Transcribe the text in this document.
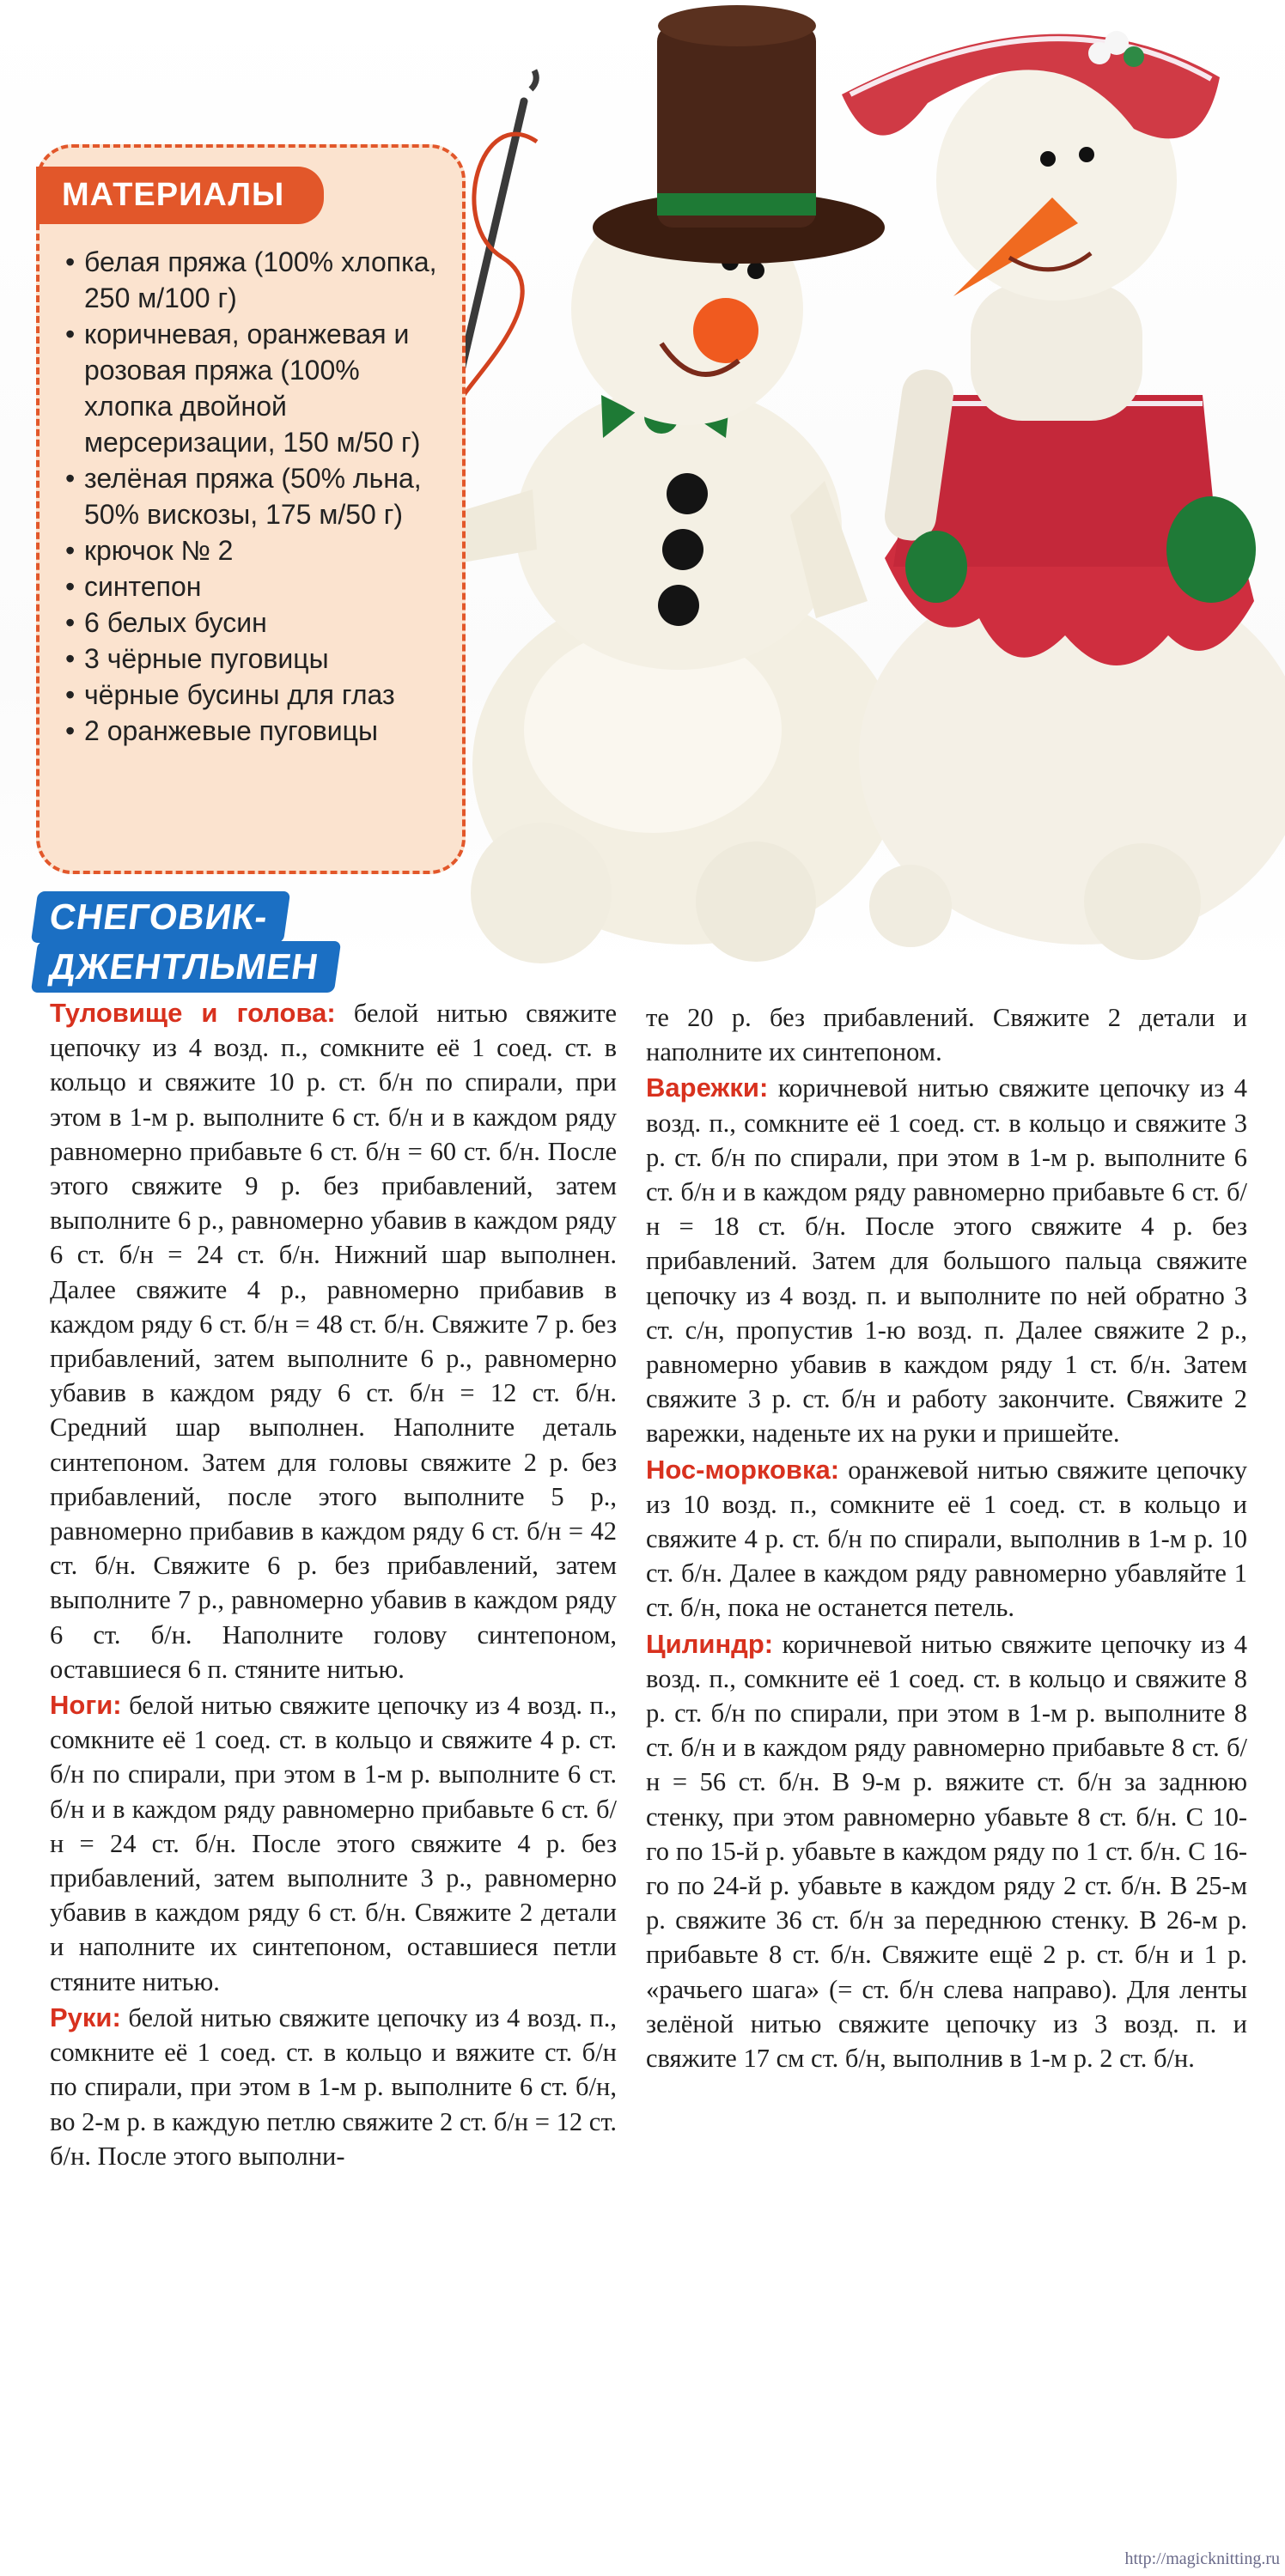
МАТЕРИАЛЫ
• белая пряжа (100% хлопка, 250 м/100 г)
• коричневая, оранжевая и розовая пряжа (100% хлопка двойной мерсеризации, 150 м/50 г)
• зелёная пряжа (50% льна, 50% вискозы, 175 м/50 г)
• крючок № 2
• синтепон
• 6 белых бусин
• 3 чёрные пуговицы
• чёрные бусины для глаз
• 2 оранжевые пуговицы
СНЕГОВИК-
ДЖЕНТЛЬМЕН

Туловище и голова: белой нитью свяжите цепочку из 4 возд. п., сомкните её 1 соед. ст. в кольцо и свяжите 10 р. ст. б/н по спирали, при этом в 1-м р. выполните 6 ст. б/н и в каждом ряду равномерно прибавьте 6 ст. б/н = 60 ст. б/н. После этого свяжите 9 р. без прибавлений, затем выполните 6 р., равномерно убавив в каждом ряду 6 ст. б/н = 24 ст. б/н. Нижний шар выполнен. Далее свяжите 4 р., равномерно прибавив в каждом ряду 6 ст. б/н = 48 ст. б/н. Свяжите 7 р. без прибавлений, затем выполните 6 р., равномерно убавив в каждом ряду 6 ст. б/н = 12 ст. б/н. Средний шар выполнен. Наполните деталь синтепоном. Затем для головы свяжите 2 р. без прибавлений, после этого выполните 5 р., равномерно прибавив в каждом ряду 6 ст. б/н = 42 ст. б/н. Свяжите 6 р. без прибавлений, затем выполните 7 р., равномерно убавив в каждом ряду 6 ст. б/н. Наполните голову синтепоном, оставшиеся 6 п. стяните нитью.

Ноги: белой нитью свяжите цепочку из 4 возд. п., сомкните её 1 соед. ст. в кольцо и свяжите 4 р. ст. б/н по спирали, при этом в 1-м р. выполните 6 ст. б/н и в каждом ряду равномерно прибавьте 6 ст. б/н = 24 ст. б/н. После этого свяжите 4 р. без прибавлений, затем выполните 3 р., равномерно убавив в каждом ряду 6 ст. б/н. Свяжите 2 детали и наполните их синтепоном, оставшиеся петли стяните нитью.

Руки: белой нитью свяжите цепочку из 4 возд. п., сомкните её 1 соед. ст. в кольцо и вяжите ст. б/н по спирали, при этом в 1-м р. выполните 6 ст. б/н, во 2-м р. в каждую петлю свяжите 2 ст. б/н = 12 ст. б/н. После этого выполни-

те 20 р. без прибавлений. Свяжите 2 детали и наполните их синтепоном.

Варежки: коричневой нитью свяжите цепочку из 4 возд. п., сомкните её 1 соед. ст. в кольцо и свяжите 3 р. ст. б/н по спирали, при этом в 1-м р. выполните 6 ст. б/н и в каждом ряду равномерно прибавьте 6 ст. б/н = 18 ст. б/н. После этого свяжите 4 р. без прибавлений. Затем для большого пальца свяжите цепочку из 4 возд. п. и выполните по ней обратно 3 ст. с/н, пропустив 1-ю возд. п. Далее свяжите 2 р., равномерно убавив в каждом ряду 1 ст. б/н. Затем свяжите 3 р. ст. б/н и работу закончите. Свяжите 2 варежки, наденьте их на руки и пришейте.

Нос-морковка: оранжевой нитью свяжите цепочку из 10 возд. п., сомкните её 1 соед. ст. в кольцо и свяжите 4 р. ст. б/н по спирали, выполнив в 1-м р. 10 ст. б/н. Далее в каждом ряду равномерно убавляйте 1 ст. б/н, пока не останется петель.

Цилиндр: коричневой нитью свяжите цепочку из 4 возд. п., сомкните её 1 соед. ст. в кольцо и свяжите 8 р. ст. б/н по спирали, при этом в 1-м р. выполните 8 ст. б/н и в каждом ряду равномерно прибавьте 8 ст. б/н = 56 ст. б/н. В 9-м р. вяжите ст. б/н за заднюю стенку, при этом равномерно убавьте 8 ст. б/н. С 10-го по 15-й р. убавьте в каждом ряду по 1 ст. б/н. С 16-го по 24-й р. убавьте в каждом ряду 2 ст. б/н. В 25-м р. свяжите 36 ст. б/н за переднюю стенку. В 26-м р. прибавьте 8 ст. б/н. Свяжите ещё 2 р. ст. б/н и 1 р. «рачьего шага» (= ст. б/н слева направо). Для ленты зелёной нитью свяжите цепочку из 3 возд. п. и свяжите 17 см ст. б/н, выполнив в 1-м р. 2 ст. б/н.

http://magicknitting.ru
